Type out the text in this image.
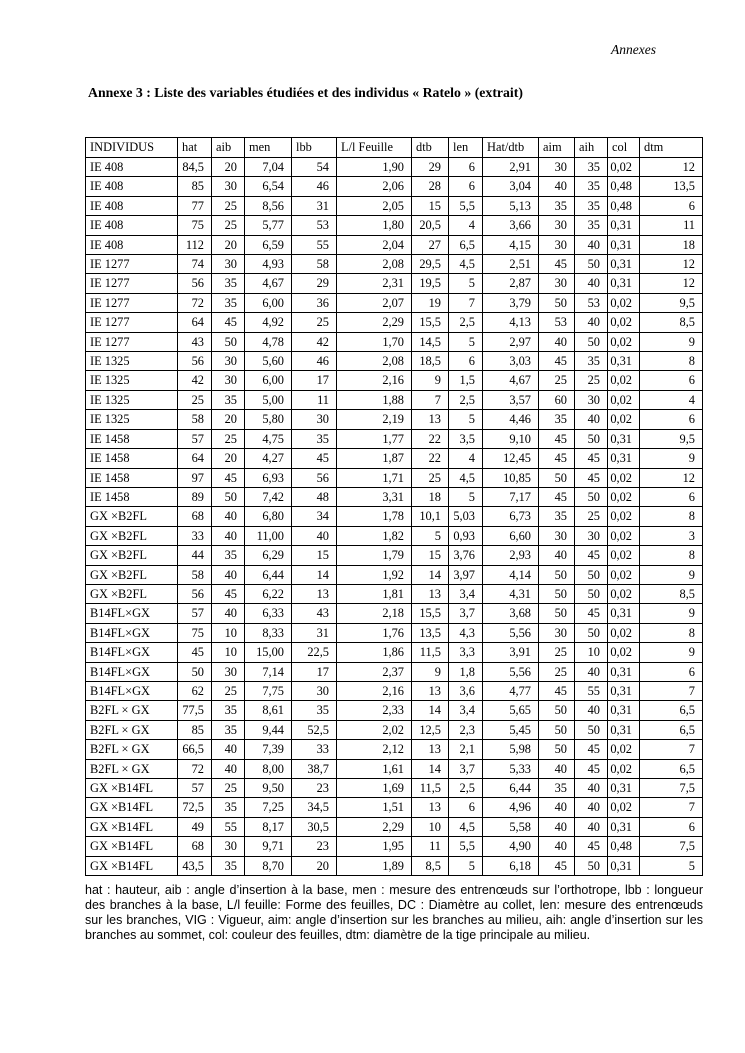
Annexes
Annexe 3 : Liste des variables étudiées et des individus « Ratelo » (extrait)
INDIVIDUS	hat	aib	men	lbb	L/l Feuille	dtb	len	Hat/dtb	aim	aih	col	dtm
IE 408	84,5	20	7,04	54	1,90	29	6	2,91	30	35	0,02	12
IE 408	85	30	6,54	46	2,06	28	6	3,04	40	35	0,48	13,5
IE 408	77	25	8,56	31	2,05	15	5,5	5,13	35	35	0,48	6
IE 408	75	25	5,77	53	1,80	20,5	4	3,66	30	35	0,31	11
IE 408	112	20	6,59	55	2,04	27	6,5	4,15	30	40	0,31	18
IE 1277	74	30	4,93	58	2,08	29,5	4,5	2,51	45	50	0,31	12
IE 1277	56	35	4,67	29	2,31	19,5	5	2,87	30	40	0,31	12
IE 1277	72	35	6,00	36	2,07	19	7	3,79	50	53	0,02	9,5
IE 1277	64	45	4,92	25	2,29	15,5	2,5	4,13	53	40	0,02	8,5
IE 1277	43	50	4,78	42	1,70	14,5	5	2,97	40	50	0,02	9
IE 1325	56	30	5,60	46	2,08	18,5	6	3,03	45	35	0,31	8
IE 1325	42	30	6,00	17	2,16	9	1,5	4,67	25	25	0,02	6
IE 1325	25	35	5,00	11	1,88	7	2,5	3,57	60	30	0,02	4
IE 1325	58	20	5,80	30	2,19	13	5	4,46	35	40	0,02	6
IE 1458	57	25	4,75	35	1,77	22	3,5	9,10	45	50	0,31	9,5
IE 1458	64	20	4,27	45	1,87	22	4	12,45	45	45	0,31	9
IE 1458	97	45	6,93	56	1,71	25	4,5	10,85	50	45	0,02	12
IE 1458	89	50	7,42	48	3,31	18	5	7,17	45	50	0,02	6
GX ×B2FL	68	40	6,80	34	1,78	10,1	5,03	6,73	35	25	0,02	8
GX ×B2FL	33	40	11,00	40	1,82	5	0,93	6,60	30	30	0,02	3
GX ×B2FL	44	35	6,29	15	1,79	15	3,76	2,93	40	45	0,02	8
GX ×B2FL	58	40	6,44	14	1,92	14	3,97	4,14	50	50	0,02	9
GX ×B2FL	56	45	6,22	13	1,81	13	3,4	4,31	50	50	0,02	8,5
B14FL×GX	57	40	6,33	43	2,18	15,5	3,7	3,68	50	45	0,31	9
B14FL×GX	75	10	8,33	31	1,76	13,5	4,3	5,56	30	50	0,02	8
B14FL×GX	45	10	15,00	22,5	1,86	11,5	3,3	3,91	25	10	0,02	9
B14FL×GX	50	30	7,14	17	2,37	9	1,8	5,56	25	40	0,31	6
B14FL×GX	62	25	7,75	30	2,16	13	3,6	4,77	45	55	0,31	7
B2FL × GX	77,5	35	8,61	35	2,33	14	3,4	5,65	50	40	0,31	6,5
B2FL × GX	85	35	9,44	52,5	2,02	12,5	2,3	5,45	50	50	0,31	6,5
B2FL × GX	66,5	40	7,39	33	2,12	13	2,1	5,98	50	45	0,02	7
B2FL × GX	72	40	8,00	38,7	1,61	14	3,7	5,33	40	45	0,02	6,5
GX ×B14FL	57	25	9,50	23	1,69	11,5	2,5	6,44	35	40	0,31	7,5
GX ×B14FL	72,5	35	7,25	34,5	1,51	13	6	4,96	40	40	0,02	7
GX ×B14FL	49	55	8,17	30,5	2,29	10	4,5	5,58	40	40	0,31	6
GX ×B14FL	68	30	9,71	23	1,95	11	5,5	4,90	40	45	0,48	7,5
GX ×B14FL	43,5	35	8,70	20	1,89	8,5	5	6,18	45	50	0,31	5
hat : hauteur, aib : angle d’insertion à la base, men : mesure des entrenœuds sur l’orthotrope, lbb : longueur des branches à la base, L/l feuille: Forme des feuilles, DC : Diamètre au collet, len: mesure des entrenœuds sur les branches, VIG : Vigueur, aim: angle d’insertion sur les branches au milieu, aih: angle d’insertion sur les branches au sommet, col: couleur des feuilles, dtm: diamètre de la tige principale au milieu.
